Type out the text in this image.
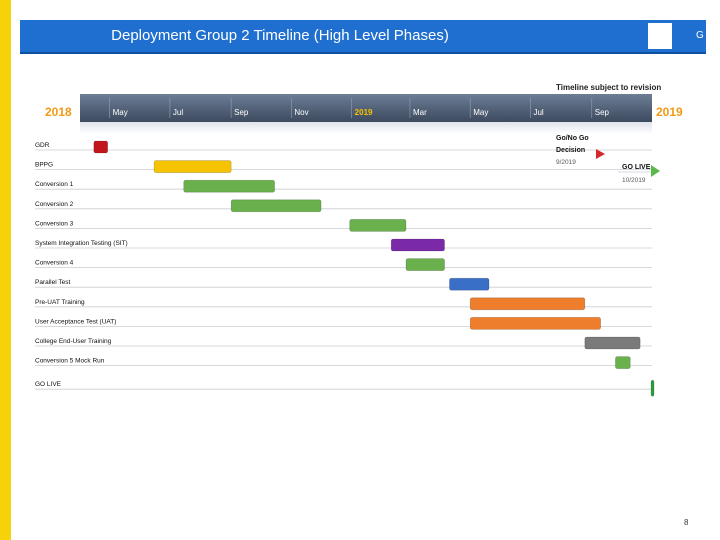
Deployment Group 2 Timeline (High Level Phases)	G
Timeline subject to revision
2018	2019
May	Jul	Sep	Nov	2019	Mar	May	Jul	Sep
GDR
BPPG
Conversion 1
Conversion 2
Conversion 3
System Integration Testing (SIT)
Conversion 4
Parallel Test
Pre-UAT Training
User Acceptance Test (UAT)
College End-User Training
Conversion 5 Mock Run
GO LIVE
Go/No Go
Decision
9/2019
GO LIVE
10/2019
8
